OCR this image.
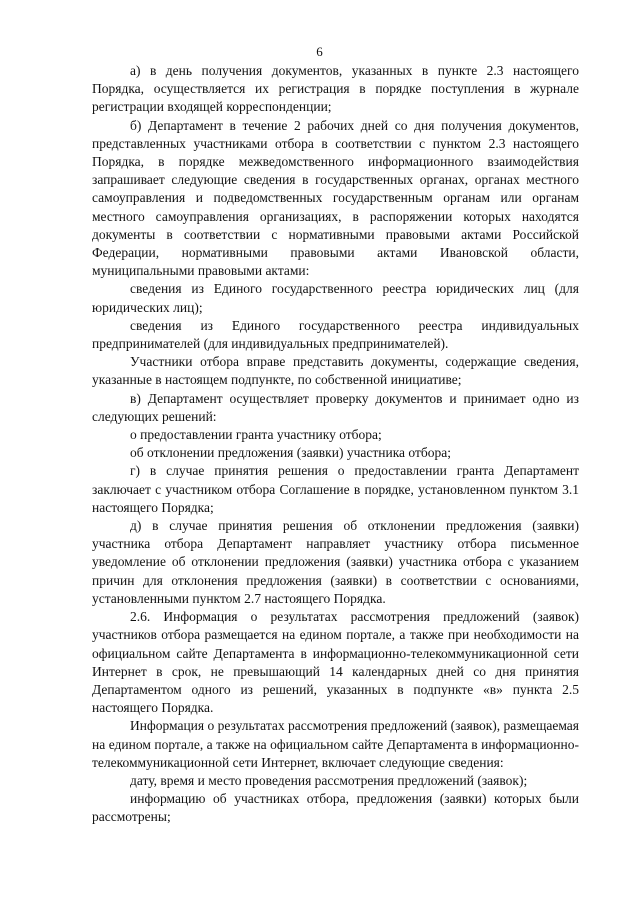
6

а) в день получения документов, указанных в пункте 2.3 настоящего Порядка, осуществляется их регистрация в порядке поступления в журнале регистрации входящей корреспонденции;

б) Департамент в течение 2 рабочих дней со дня получения документов, представленных участниками отбора в соответствии с пунктом 2.3 настоящего Порядка, в порядке межведомственного информационного взаимодействия запрашивает следующие сведения в государственных органах, органах местного самоуправления и подведомственных государственным органам или органам местного самоуправления организациях, в распоряжении которых находятся документы в соответствии с нормативными правовыми актами Российской Федерации, нормативными правовыми актами Ивановской области, муниципальными правовыми актами:

сведения из Единого государственного реестра юридических лиц (для юридических лиц);

сведения из Единого государственного реестра индивидуальных предпринимателей (для индивидуальных предпринимателей).

Участники отбора вправе представить документы, содержащие сведения, указанные в настоящем подпункте, по собственной инициативе;

в) Департамент осуществляет проверку документов и принимает одно из следующих решений:

о предоставлении гранта участнику отбора;

об отклонении предложения (заявки) участника отбора;

г) в случае принятия решения о предоставлении гранта Департамент заключает с участником отбора Соглашение в порядке, установленном пунктом 3.1 настоящего Порядка;

д) в случае принятия решения об отклонении предложения (заявки) участника отбора Департамент направляет участнику отбора письменное уведомление об отклонении предложения (заявки) участника отбора с указанием причин для отклонения предложения (заявки) в соответствии с основаниями, установленными пунктом 2.7 настоящего Порядка.

2.6. Информация о результатах рассмотрения предложений (заявок) участников отбора размещается на едином портале, а также при необходимости на официальном сайте Департамента в информационно-телекоммуникационной сети Интернет в срок, не превышающий 14 календарных дней со дня принятия Департаментом одного из решений, указанных в подпункте «в» пункта 2.5 настоящего Порядка.

Информация о результатах рассмотрения предложений (заявок), размещаемая на едином портале, а также на официальном сайте Департамента в информационно-телекоммуникационной сети Интернет, включает следующие сведения:

дату, время и место проведения рассмотрения предложений (заявок);

информацию об участниках отбора, предложения (заявки) которых были рассмотрены;
